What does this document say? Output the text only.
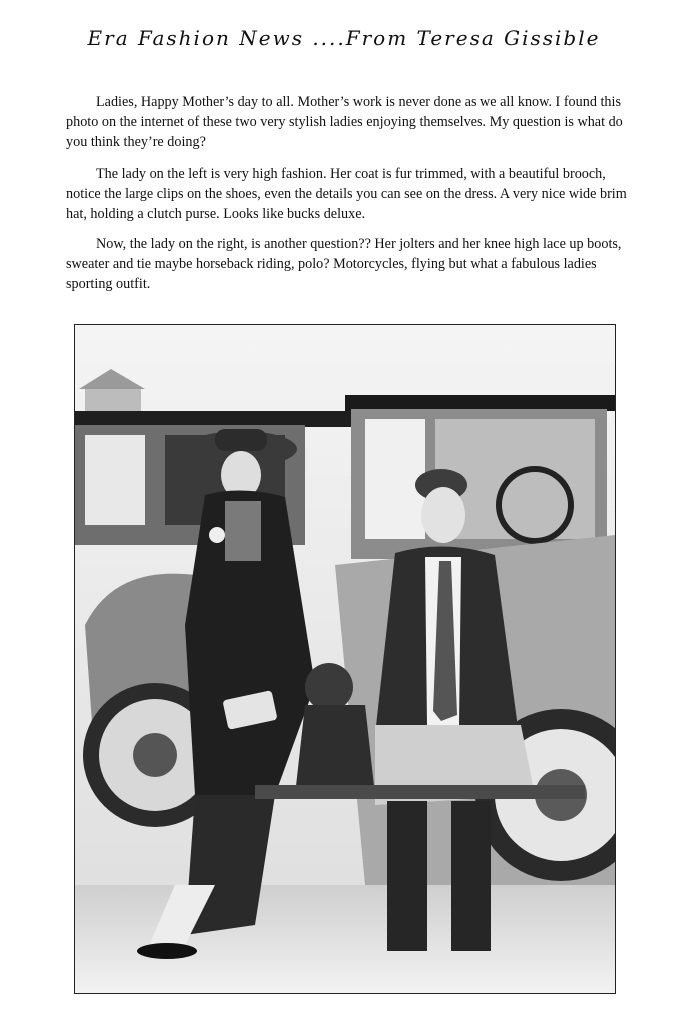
Era Fashion News ....From Teresa Gissible

Ladies, Happy Mother’s day to all. Mother’s work is never done as we all know. I found this photo on the internet of these two very stylish ladies enjoying themselves. My question is what do you think they’re doing?

The lady on the left is very high fashion. Her coat is fur trimmed, with a beautiful brooch, notice the large clips on the shoes, even the details you can see on the dress. A very nice wide brim hat, holding a clutch purse. Looks like bucks deluxe.

Now, the lady on the right, is another question?? Her jolters and her knee high lace up boots, sweater and tie maybe horseback riding, polo? Motorcycles, flying but what a fabulous ladies sporting outfit.
